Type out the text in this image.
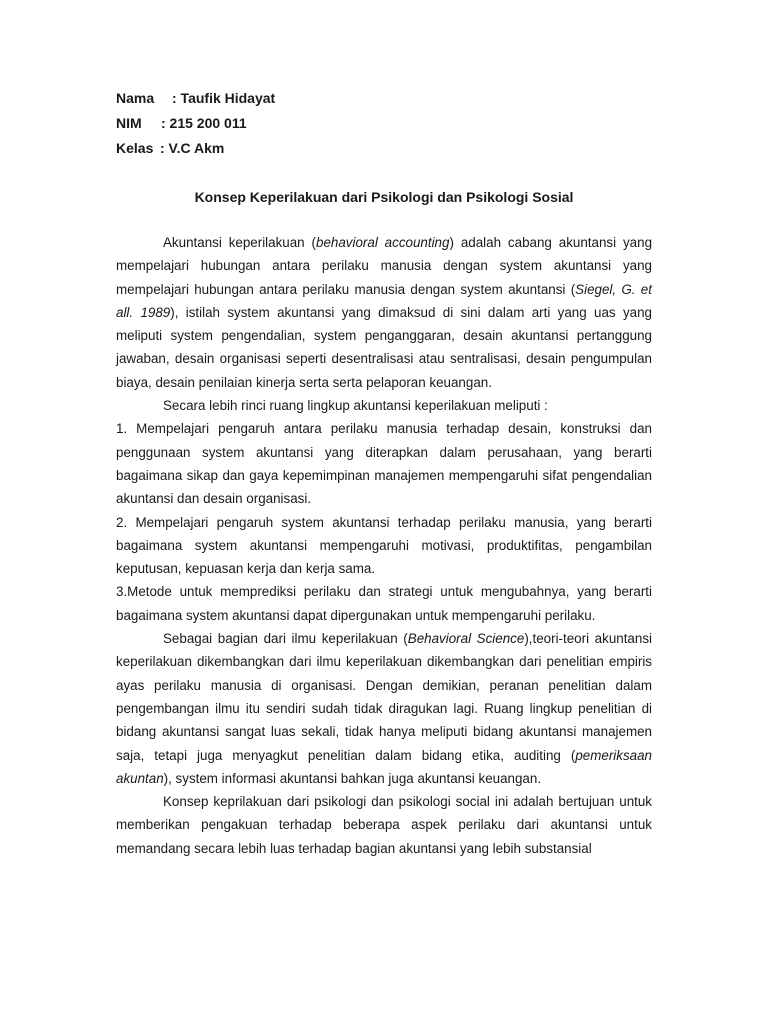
Nama : Taufik Hidayat
NIM : 215 200 011
Kelas : V.C Akm
Konsep Keperilakuan dari Psikologi dan Psikologi Sosial

Akuntansi keperilakuan (behavioral accounting) adalah cabang akuntansi yang mempelajari hubungan antara perilaku manusia dengan system akuntansi yang mempelajari hubungan antara perilaku manusia dengan system akuntansi (Siegel, G. et all. 1989), istilah system akuntansi yang dimaksud di sini dalam arti yang uas yang meliputi system pengendalian, system penganggaran, desain akuntansi pertanggung jawaban, desain organisasi seperti desentralisasi atau sentralisasi, desain pengumpulan biaya, desain penilaian kinerja serta serta pelaporan keuangan.

Secara lebih rinci ruang lingkup akuntansi keperilakuan meliputi :

1. Mempelajari pengaruh antara perilaku manusia terhadap desain, konstruksi dan penggunaan system akuntansi yang diterapkan dalam perusahaan, yang berarti bagaimana sikap dan gaya kepemimpinan manajemen mempengaruhi sifat pengendalian akuntansi dan desain organisasi.

2. Mempelajari pengaruh system akuntansi terhadap perilaku manusia, yang berarti bagaimana system akuntansi mempengaruhi motivasi, produktifitas, pengambilan keputusan, kepuasan kerja dan kerja sama.

3.Metode untuk memprediksi perilaku dan strategi untuk mengubahnya, yang berarti bagaimana system akuntansi dapat dipergunakan untuk mempengaruhi perilaku.

Sebagai bagian dari ilmu keperilakuan (Behavioral Science),teori-teori akuntansi keperilakuan dikembangkan dari ilmu keperilakuan dikembangkan dari penelitian empiris ayas perilaku manusia di organisasi. Dengan demikian, peranan penelitian dalam pengembangan ilmu itu sendiri sudah tidak diragukan lagi. Ruang lingkup penelitian di bidang akuntansi sangat luas sekali, tidak hanya meliputi bidang akuntansi manajemen saja, tetapi juga menyagkut penelitian dalam bidang etika, auditing (pemeriksaan akuntan), system informasi akuntansi bahkan juga akuntansi keuangan.

Konsep keprilakuan dari psikologi dan psikologi social ini adalah bertujuan untuk memberikan pengakuan terhadap beberapa aspek perilaku dari akuntansi untuk memandang secara lebih luas terhadap bagian akuntansi yang lebih substansial
